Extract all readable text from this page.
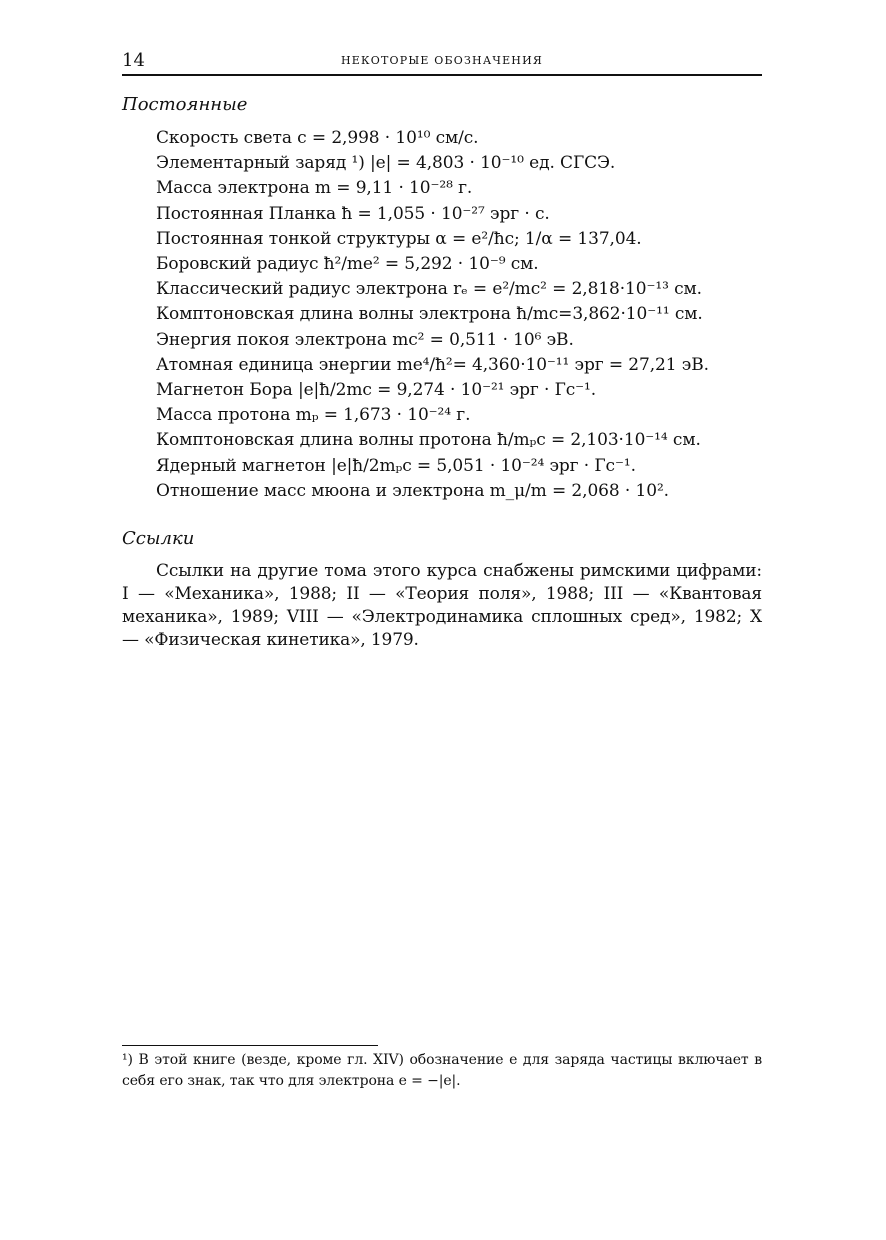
14	НЕКОТОРЫЕ ОБОЗНАЧЕНИЯ
Постоянные
Скорость света c = 2,998 · 10¹⁰ см/с.
Элементарный заряд ¹) |e| = 4,803 · 10⁻¹⁰ ед. СГСЭ.
Масса электрона m = 9,11 · 10⁻²⁸ г.
Постоянная Планка ħ = 1,055 · 10⁻²⁷ эрг · с.
Постоянная тонкой структуры α = e²/ħc; 1/α = 137,04.
Боровский радиус ħ²/me² = 5,292 · 10⁻⁹ см.
Классический радиус электрона rₑ = e²/mc² = 2,818·10⁻¹³ см.
Комптоновская длина волны электрона ħ/mc=3,862·10⁻¹¹ см.
Энергия покоя электрона mc² = 0,511 · 10⁶ эВ.
Атомная единица энергии me⁴/ħ²= 4,360·10⁻¹¹ эрг = 27,21 эВ.
Магнетон Бора |e|ħ/2mc = 9,274 · 10⁻²¹ эрг · Гс⁻¹.
Масса протона mₚ = 1,673 · 10⁻²⁴ г.
Комптоновская длина волны протона ħ/mₚc = 2,103·10⁻¹⁴ см.
Ядерный магнетон |e|ħ/2mₚc = 5,051 · 10⁻²⁴ эрг · Гс⁻¹.
Отношение масс мюона и электрона m_μ/m = 2,068 · 10².
Ссылки

Ссылки на другие тома этого курса снабжены римскими цифрами: I — «Механика», 1988; II — «Теория поля», 1988; III — «Квантовая механика», 1989; VIII — «Электродинамика сплошных сред», 1982; X — «Физическая кинетика», 1979.

¹) В этой книге (везде, кроме гл. XIV) обозначение e для заряда частицы включает в себя его знак, так что для электрона e = −|e|.
